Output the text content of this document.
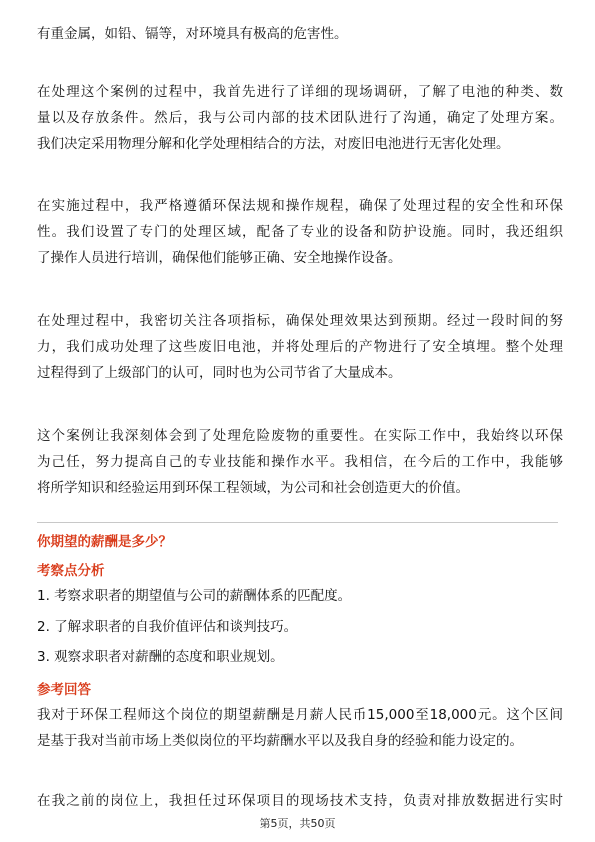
有重金属，如铅、镉等，对环境具有极高的危害性。
在处理这个案例的过程中，我首先进行了详细的现场调研，了解了电池的种类、数
量以及存放条件。然后，我与公司内部的技术团队进行了沟通，确定了处理方案。
我们决定采用物理分解和化学处理相结合的方法，对废旧电池进行无害化处理。
在实施过程中，我严格遵循环保法规和操作规程，确保了处理过程的安全性和环保
性。我们设置了专门的处理区域，配备了专业的设备和防护设施。同时，我还组织
了操作人员进行培训，确保他们能够正确、安全地操作设备。
在处理过程中，我密切关注各项指标，确保处理效果达到预期。经过一段时间的努
力，我们成功处理了这些废旧电池，并将处理后的产物进行了安全填埋。整个处理
过程得到了上级部门的认可，同时也为公司节省了大量成本。
这个案例让我深刻体会到了处理危险废物的重要性。在实际工作中，我始终以环保
为己任，努力提高自己的专业技能和操作水平。我相信，在今后的工作中，我能够
将所学知识和经验运用到环保工程领域，为公司和社会创造更大的价值。
你期望的薪酬是多少？
考察点分析
1. 考察求职者的期望值与公司的薪酬体系的匹配度。
2. 了解求职者的自我价值评估和谈判技巧。
3. 观察求职者对薪酬的态度和职业规划。
参考回答
我对于环保工程师这个岗位的期望薪酬是月薪人民币15,000至18,000元。这个区间
是基于我对当前市场上类似岗位的平均薪酬水平以及我自身的经验和能力设定的。
在我之前的岗位上，我担任过环保项目的现场技术支持，负责对排放数据进行实时
第5页，共50页
